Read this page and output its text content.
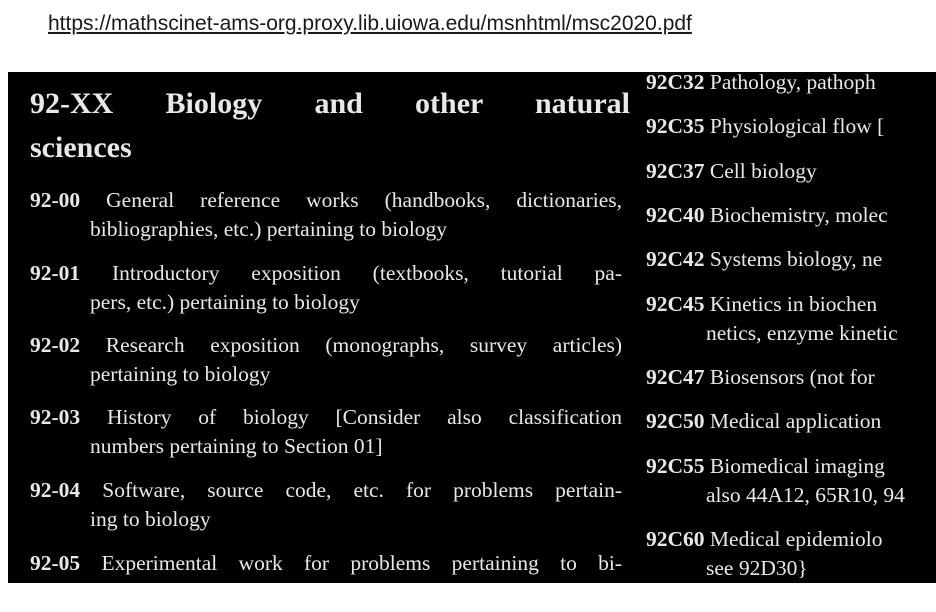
https://mathscinet-ams-org.proxy.lib.uiowa.edu/msnhtml/msc2020.pdf
92-XX Biology and other natural
sciences
92-00 General reference works (handbooks, dictionaries,
bibliographies, etc.) pertaining to biology
92-01 Introductory exposition (textbooks, tutorial pa-
pers, etc.) pertaining to biology
92-02 Research exposition (monographs, survey articles)
pertaining to biology
92-03 History of biology [Consider also classification
numbers pertaining to Section 01]
92-04 Software, source code, etc. for problems pertain-
ing to biology
92-05 Experimental work for problems pertaining to bi-
92C32 Pathology, pathoph
92C35 Physiological flow [
92C37 Cell biology
92C40 Biochemistry, molec
92C42 Systems biology, ne
92C45 Kinetics in biochen
netics, enzyme kinetic
92C47 Biosensors (not for
92C50 Medical application
92C55 Biomedical imaging
also 44A12, 65R10, 94
92C60 Medical epidemiolo
see 92D30}
